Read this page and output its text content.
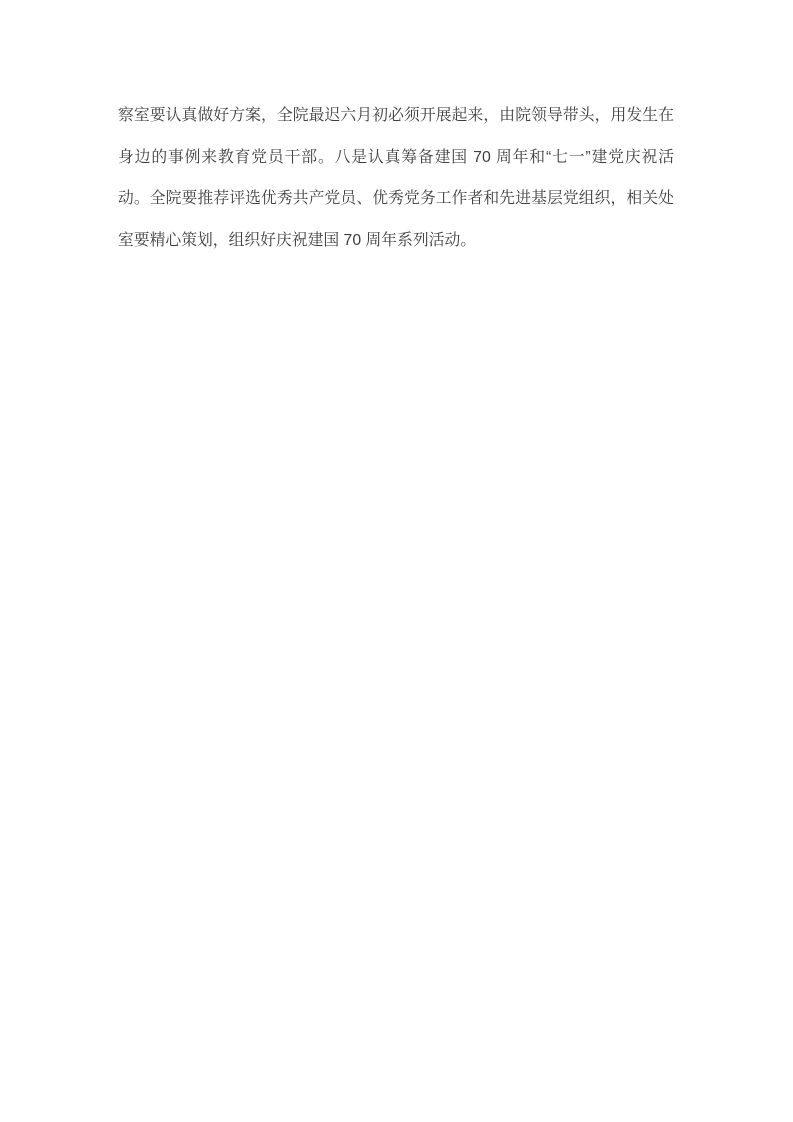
察室要认真做好方案，全院最迟六月初必须开展起来，由院领导带头，用发生在
身边的事例来教育党员干部。八是认真筹备建国 70 周年和“七一”建党庆祝活
动。全院要推荐评选优秀共产党员、优秀党务工作者和先进基层党组织，相关处
室要精心策划，组织好庆祝建国 70 周年系列活动。
